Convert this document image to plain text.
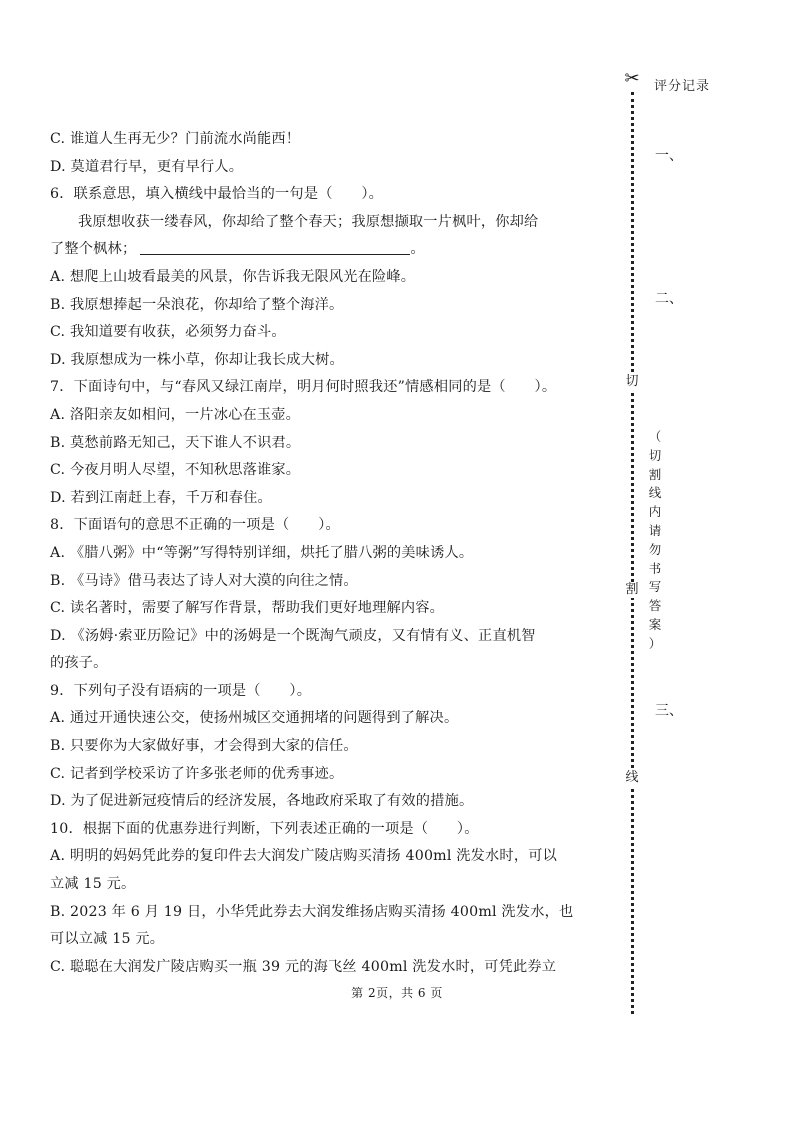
C. 谁道人生再无少？门前流水尚能西！
D. 莫道君行早，更有早行人。
6．联系意思，填入横线中最恰当的一句是（　　）。
我原想收获一缕春风，你却给了整个春天；我原想撷取一片枫叶，你却给
了整个枫林；	。
A. 想爬上山坡看最美的风景，你告诉我无限风光在险峰。
B. 我原想捧起一朵浪花，你却给了整个海洋。
C. 我知道要有收获，必须努力奋斗。
D. 我原想成为一株小草，你却让我长成大树。
7．下面诗句中，与“春风又绿江南岸，明月何时照我还”情感相同的是（　　）。
A. 洛阳亲友如相问，一片冰心在玉壶。
B. 莫愁前路无知己，天下谁人不识君。
C. 今夜月明人尽望，不知秋思落谁家。
D. 若到江南赶上春，千万和春住。
8．下面语句的意思不正确的一项是（　　）。
A. 《腊八粥》中“等粥”写得特别详细，烘托了腊八粥的美味诱人。
B. 《马诗》借马表达了诗人对大漠的向往之情。
C. 读名著时，需要了解写作背景，帮助我们更好地理解内容。
D. 《汤姆·索亚历险记》中的汤姆是一个既淘气顽皮，又有情有义、正直机智
的孩子。
9．下列句子没有语病的一项是（　　）。
A. 通过开通快速公交，使扬州城区交通拥堵的问题得到了解决。
B. 只要你为大家做好事，才会得到大家的信任。
C. 记者到学校采访了许多张老师的优秀事迹。
D. 为了促进新冠疫情后的经济发展，各地政府采取了有效的措施。
10．根据下面的优惠券进行判断，下列表述正确的一项是（　　）。
A. 明明的妈妈凭此券的复印件去大润发广陵店购买清扬 400ml 洗发水时，可以
立减 15 元。
B. 2023 年 6 月 19 日，小华凭此券去大润发维扬店购买清扬 400ml 洗发水，也
可以立减 15 元。
C. 聪聪在大润发广陵店购买一瓶 39 元的海飞丝 400ml 洗发水时，可凭此券立
第 2页，共 6 页
✂ 评分记录
一、
二、
三、
切
割
线
（
切
割
线
内
请
勿
书
写
答
案
）
